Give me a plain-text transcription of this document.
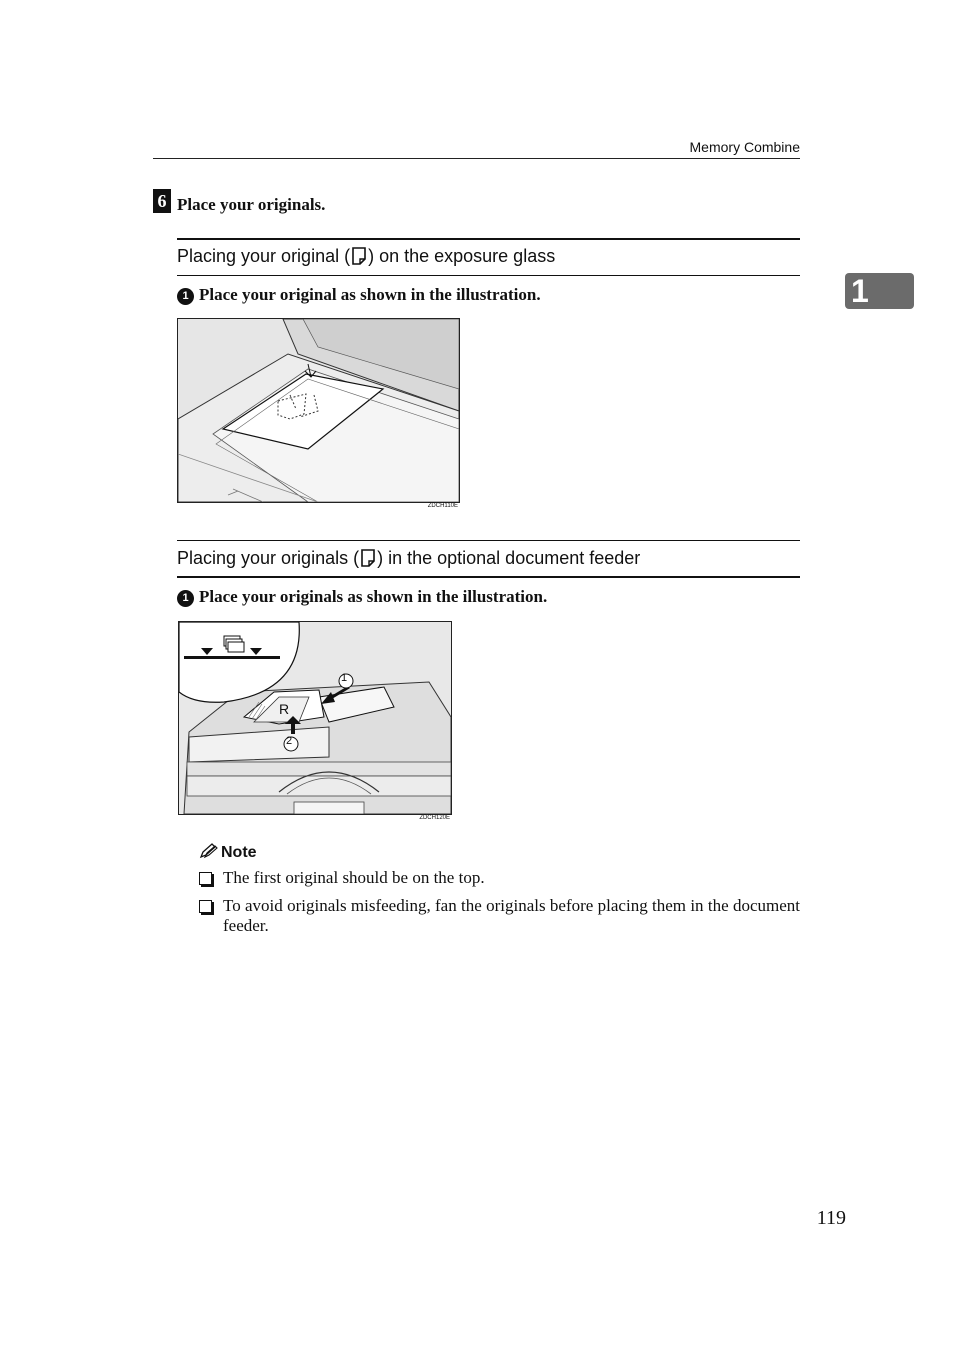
Memory Combine
1
6 Place your originals.
Placing your original ( ) on the exposure glass
1 Place your original as shown in the illustration.
ZDCH110E
Placing your originals ( ) in the optional document feeder
1 Place your originals as shown in the illustration.
R
1
2
ZDCH120E
Note
The first original should be on the top.
To avoid originals misfeeding, fan the originals before placing them in the document feeder.
119
